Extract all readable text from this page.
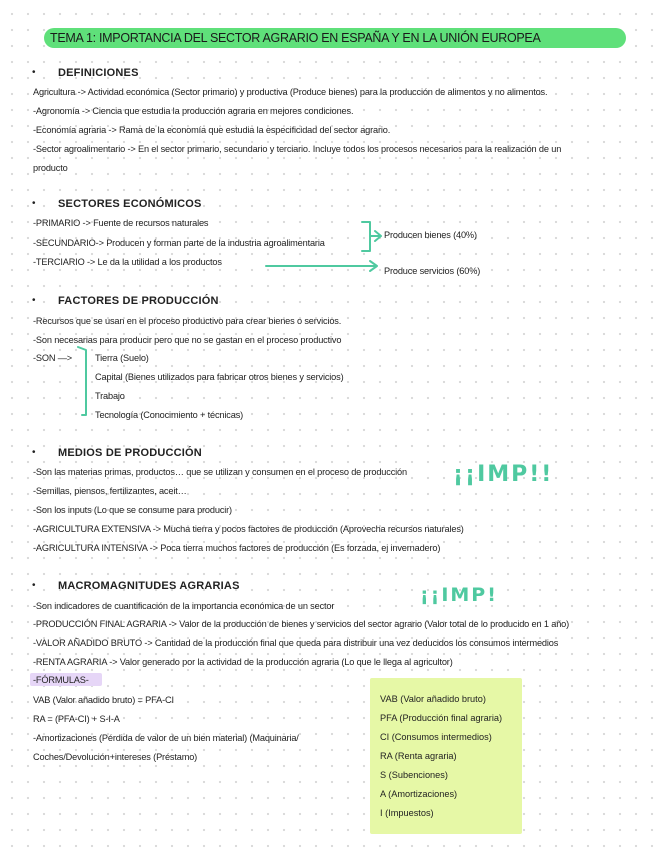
TEMA 1: IMPORTANCIA DEL SECTOR AGRARIO EN ESPAÑA Y EN LA UNIÓN EUROPEA
• DEFINICIONES
Agricultura -> Actividad económica (Sector primario) y productiva (Produce bienes) para la producción de alimentos y no alimentos.
-Agronomía -> Ciencia que estudia la producción agraria en mejores condiciones.
-Economía agraria -> Rama de la economía que estudia la especificidad del sector agrario.
-Sector agroalimentario -> En el sector primario, secundario y terciario. Incluye todos los procesos necesarios para la realización de un
producto
• SECTORES ECONÓMICOS
-PRIMARIO -> Fuente de recursos naturales
-SECUNDARIO-> Producen y forman parte de la industria agroalimentaria
-TERCIARIO -> Le da la utilidad a los productos
Producen bienes (40%)
Produce servicios (60%)
• FACTORES DE PRODUCCIÓN
-Recursos que se usan en el proceso productivo para crear bienes o servicios.
-Son necesarias para producir pero que no se gastan en el proceso productivo
-SON —> Tierra (Suelo)
Capital (Bienes utilizados para fabricar otros bienes y servicios)
Trabajo
Tecnología (Conocimiento + técnicas)
• MEDIOS DE PRODUCCIÓN
¡¡IMP!!
-Son las materias primas, productos… que se utilizan y consumen en el proceso de producción
-Semillas, piensos, fertilizantes, aceit…
-Son los inputs (Lo que se consume para producir)
-AGRICULTURA EXTENSIVA -> Mucha tierra y pocos factores de producción (Aprovecha recursos naturales)
-AGRICULTURA INTENSIVA -> Poca tierra muchos factores de producción (Es forzada, ej invernadero)
• MACROMAGNITUDES AGRARIAS	¡¡IMP!
-Son indicadores de cuantificación de la importancia económica de un sector
-PRODUCCIÓN FINAL AGRARIA -> Valor de la producción de bienes y servicios del sector agrario (Valor total de lo producido en 1 año)
-VALOR AÑADIDO BRUTO -> Cantidad de la producción final que queda para distribuir una vez deducidos los consumos intermedios
-RENTA AGRARIA -> Valor generado por la actividad de la producción agraria (Lo que le llega al agricultor)
-FÓRMULAS-
VAB (Valor añadido bruto) = PFA-CI
RA = (PFA-CI) + S-I-A
-Amortizaciones (Pérdida de valor de un bien material) (Maquinaria/
Coches/Devolución+intereses (Préstamo)
VAB (Valor añadido bruto)
PFA (Producción final agraria)
CI (Consumos intermedios)
RA (Renta agraria)
S (Subenciones)
A (Amortizaciones)
I (Impuestos)
